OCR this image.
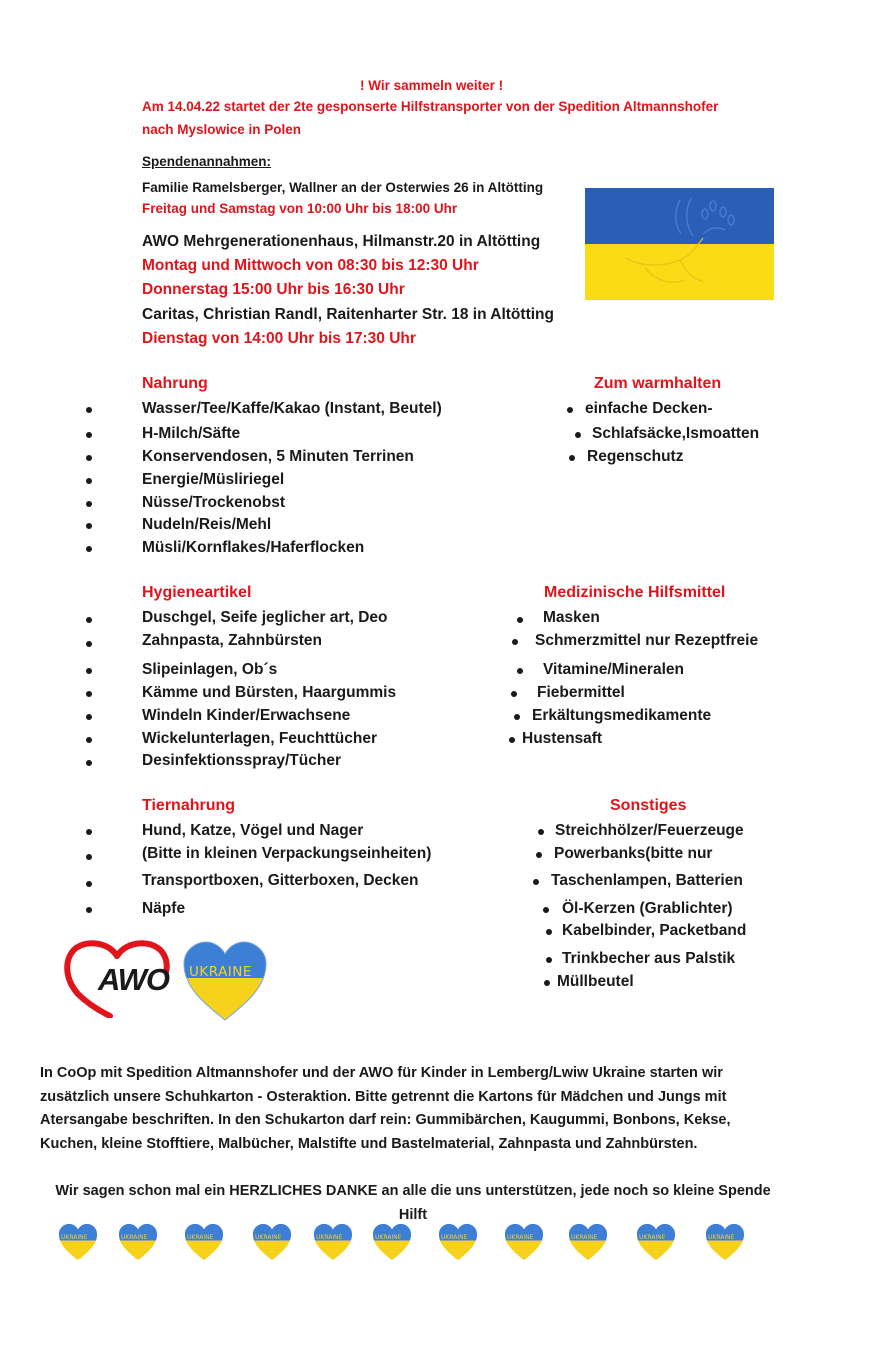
! Wir sammeln weiter !
Am 14.04.22 startet der 2te gesponserte Hilfstransporter von der Spedition Altmannshofer
nach Myslowice in Polen
Spendenannahmen:
Familie Ramelsberger, Wallner an der Osterwies 26 in Altötting
Freitag und Samstag von 10:00 Uhr bis 18:00 Uhr
AWO Mehrgenerationenhaus, Hilmanstr.20 in Altötting
Montag und Mittwoch von 08:30 bis 12:30 Uhr
Donnerstag 15:00 Uhr bis 16:30 Uhr
Caritas, Christian Randl, Raitenharter Str. 18 in Altötting
Dienstag von 14:00 Uhr bis 17:30 Uhr
Nahrung
Wasser/Tee/Kaffe/Kakao (Instant, Beutel)
H-Milch/Säfte
Konservendosen, 5 Minuten Terrinen
Energie/Müsliriegel
Nüsse/Trockenobst
Nudeln/Reis/Mehl
Müsli/Kornflakes/Haferflocken
Zum warmhalten
einfache Decken-
Schlafsäcke,Ismoatten
Regenschutz
Hygieneartikel
Duschgel, Seife jeglicher art, Deo
Zahnpasta, Zahnbürsten
Slipeinlagen, Ob´s
Kämme und Bürsten, Haargummis
Windeln Kinder/Erwachsene
Wickelunterlagen, Feuchttücher
Desinfektionsspray/Tücher
Medizinische Hilfsmittel
Masken
Schmerzmittel nur Rezeptfreie
Vitamine/Mineralen
Fiebermittel
Erkältungsmedikamente
Hustensaft
Tiernahrung
Hund, Katze, Vögel und Nager
(Bitte in kleinen Verpackungseinheiten)
Transportboxen, Gitterboxen, Decken
Näpfe
Sonstiges
Streichhölzer/Feuerzeuge
Powerbanks(bitte nur
Taschenlampen, Batterien
Öl-Kerzen (Grablichter)
Kabelbinder, Packetband
Trinkbecher aus Palstik
Müllbeutel
AWO UKRAINE
In CoOp mit Spedition Altmannshofer und der AWO für Kinder in Lemberg/Lwiw Ukraine starten wir zusätzlich unsere Schuhkarton - Osteraktion. Bitte getrennt die Kartons für Mädchen und Jungs mit Atersangabe beschriften. In den Schukarton darf rein: Gummibärchen, Kaugummi, Bonbons, Kekse, Kuchen, kleine Stofftiere, Malbücher, Malstifte und Bastelmaterial, Zahnpasta und Zahnbürsten.
Wir sagen schon mal ein HERZLICHES DANKE an alle die uns unterstützen, jede noch so kleine Spende Hilft
UKRAINE	UKRAINE	UKRAINE	UKRAINE	UKRAINE	UKRAINE	UKRAINE	UKRAINE	UKRAINE	UKRAINE	UKRAINE
